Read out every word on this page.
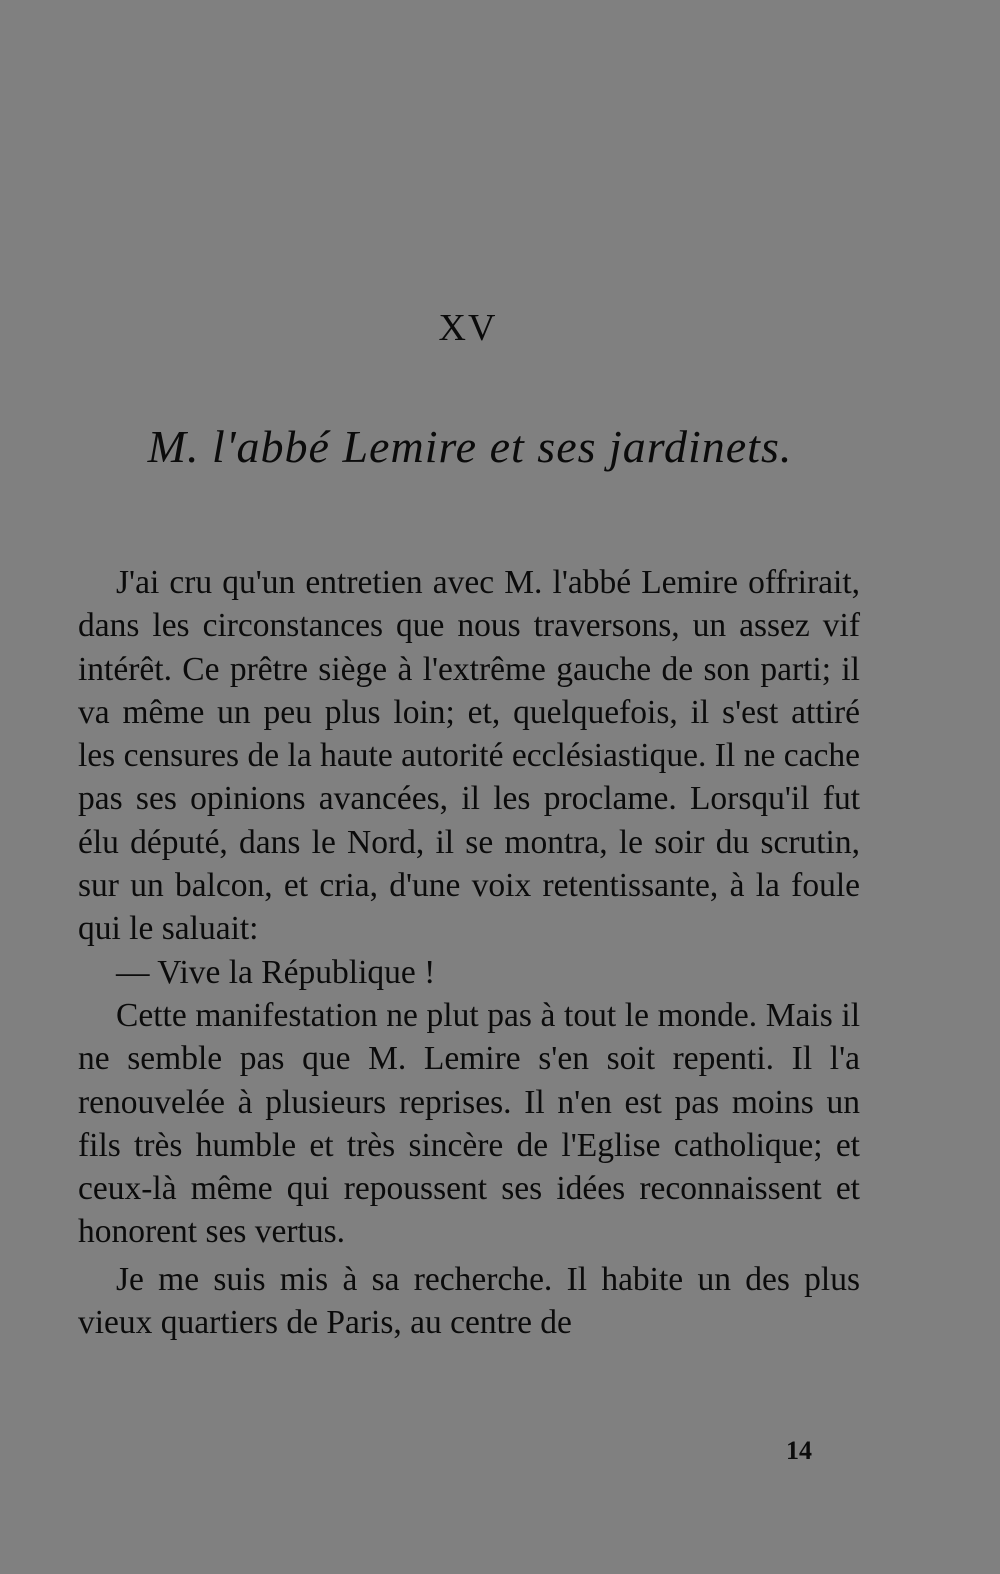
XV
M. l'abbé Lemire et ses jardinets.

J'ai cru qu'un entretien avec M. l'abbé Lemire offrirait, dans les circonstances que nous traversons, un assez vif intérêt. Ce prêtre siège à l'extrême gauche de son parti; il va même un peu plus loin; et, quelquefois, il s'est attiré les censures de la haute autorité ecclésiastique. Il ne cache pas ses opinions avancées, il les proclame. Lorsqu'il fut élu député, dans le Nord, il se montra, le soir du scrutin, sur un balcon, et cria, d'une voix retentissante, à la foule qui le saluait:

— Vive la République !

Cette manifestation ne plut pas à tout le monde. Mais il ne semble pas que M. Lemire s'en soit repenti. Il l'a renouvelée à plusieurs reprises. Il n'en est pas moins un fils très humble et très sincère de l'Eglise catholique; et ceux-là même qui repoussent ses idées reconnaissent et honorent ses vertus.

Je me suis mis à sa recherche. Il habite un des plus vieux quartiers de Paris, au centre de

14
